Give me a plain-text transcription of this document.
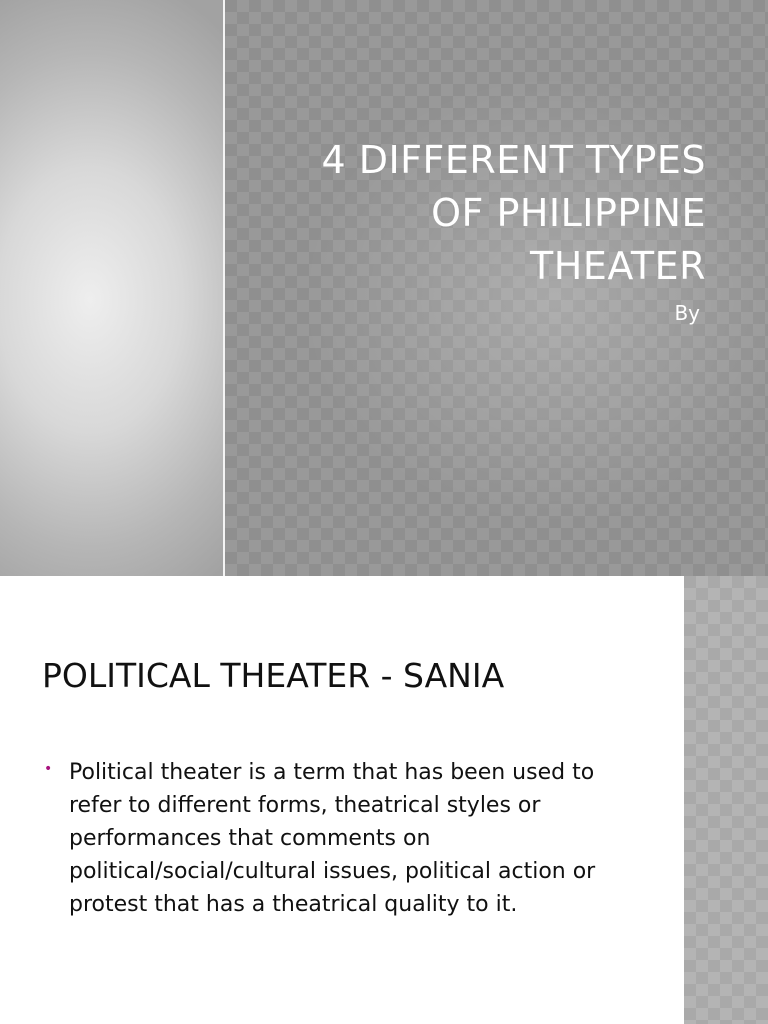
4 DIFFERENT TYPES
OF PHILIPPINE
THEATER

By

POLITICAL THEATER - SANIA
• Political theater is a term that has been used to refer to different forms, theatrical styles or performances that comments on political/social/cultural issues, political action or protest that has a theatrical quality to it.
